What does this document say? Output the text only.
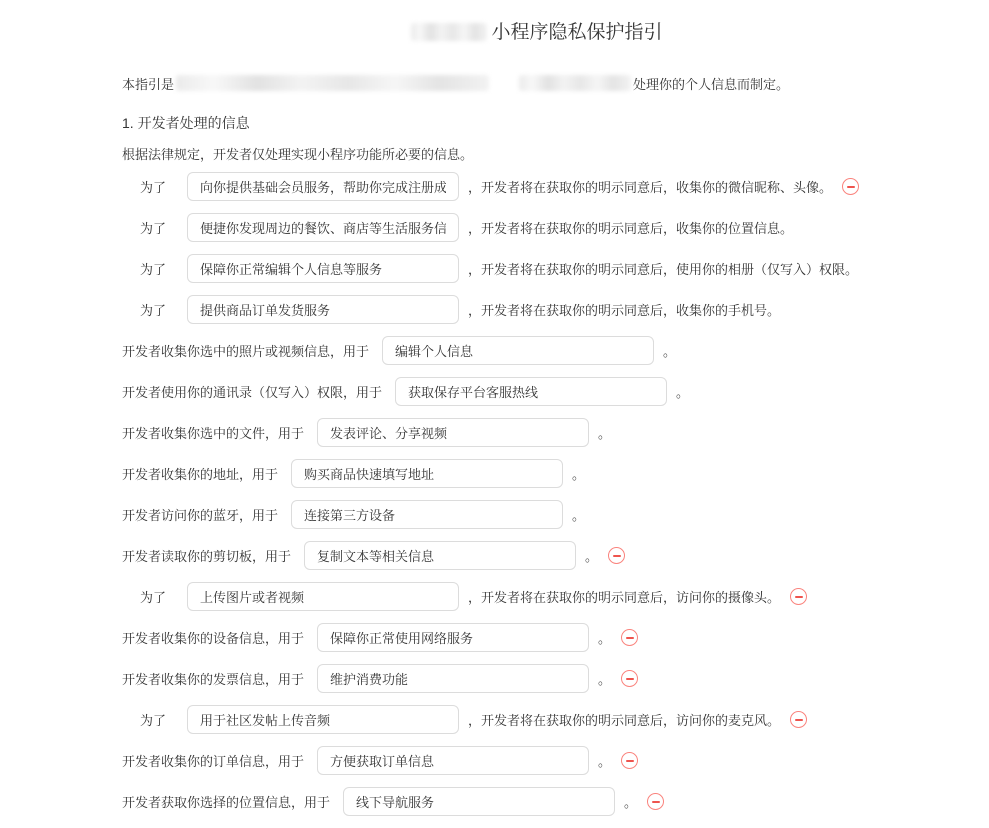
小程序隐私保护指引
本指引是	处理你的个人信息而制定。
1. 开发者处理的信息
根据法律规定，开发者仅处理实现小程序功能所必要的信息。
为了
向你提供基础会员服务，帮助你完成注册成	，开发者将在获取你的明示同意后，收集你的微信昵称、头像。
为了
便捷你发现周边的餐饮、商店等生活服务信	，开发者将在获取你的明示同意后，收集你的位置信息。
为了
保障你正常编辑个人信息等服务	，开发者将在获取你的明示同意后，使用你的相册（仅写入）权限。
为了
提供商品订单发货服务	，开发者将在获取你的明示同意后，收集你的手机号。
开发者收集你选中的照片或视频信息，用于
编辑个人信息	。
开发者使用你的通讯录（仅写入）权限，用于
获取保存平台客服热线	。
开发者收集你选中的文件，用于
发表评论、分享视频	。
开发者收集你的地址，用于
购买商品快速填写地址	。
开发者访问你的蓝牙，用于
连接第三方设备	。
开发者读取你的剪切板，用于
复制文本等相关信息	。
为了
上传图片或者视频	，开发者将在获取你的明示同意后，访问你的摄像头。
开发者收集你的设备信息，用于
保障你正常使用网络服务	。
开发者收集你的发票信息，用于
维护消费功能	。
为了
用于社区发帖上传音频	，开发者将在获取你的明示同意后，访问你的麦克风。
开发者收集你的订单信息，用于
方便获取订单信息	。
开发者获取你选择的位置信息，用于
线下导航服务	。
